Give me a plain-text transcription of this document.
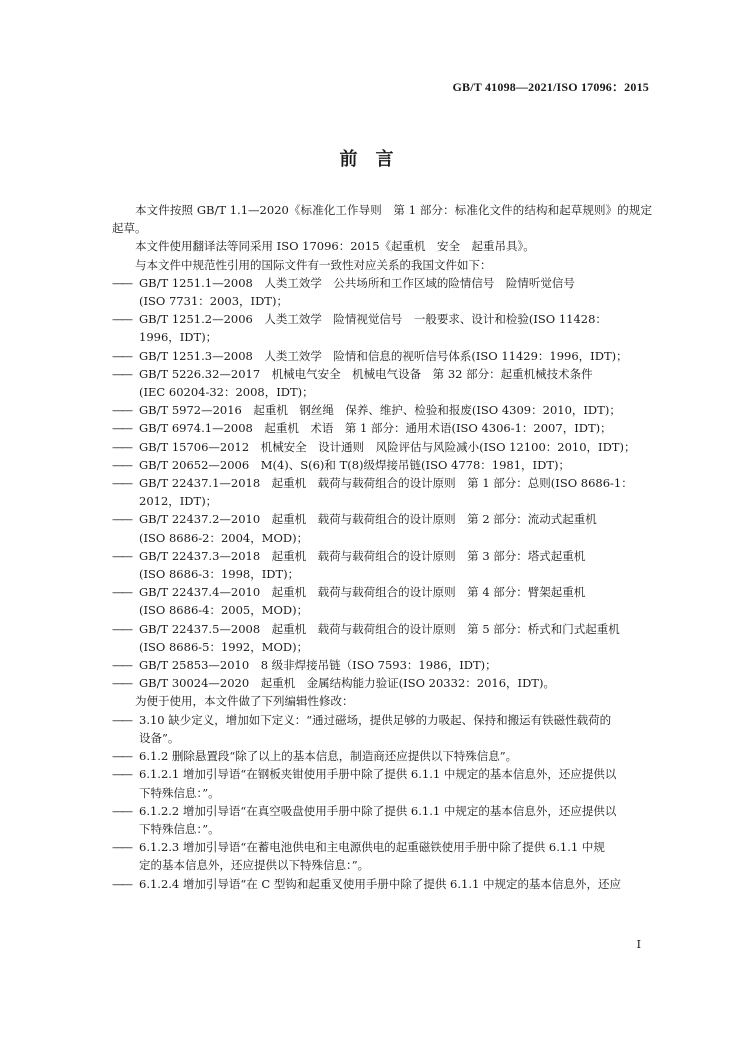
GB/T 41098—2021/ISO 17096：2015
前　言

本文件按照 GB/T 1.1—2020《标准化工作导则　第 1 部分：标准化文件的结构和起草规则》的规定起草。

本文件使用翻译法等同采用 ISO 17096：2015《起重机　安全　起重吊具》。

与本文件中规范性引用的国际文件有一致性对应关系的我国文件如下：

—— GB/T 1251.1—2008　人类工效学　公共场所和工作区域的险情信号　险情听觉信号
(ISO 7731：2003，IDT)；
—— GB/T 1251.2—2006　人类工效学　险情视觉信号　一般要求、设计和检验(ISO 11428：
1996，IDT)；
—— GB/T 1251.3—2008　人类工效学　险情和信息的视听信号体系(ISO 11429：1996，IDT)；
—— GB/T 5226.32—2017　机械电气安全　机械电气设备　第 32 部分：起重机械技术条件
(IEC 60204-32：2008，IDT)；
—— GB/T 5972—2016　起重机　钢丝绳　保养、维护、检验和报废(ISO 4309：2010，IDT)；
—— GB/T 6974.1—2008　起重机　术语　第 1 部分：通用术语(ISO 4306-1：2007，IDT)；
—— GB/T 15706—2012　机械安全　设计通则　风险评估与风险减小(ISO 12100：2010，IDT)；
—— GB/T 20652—2006　M(4)、S(6)和 T(8)级焊接吊链(ISO 4778：1981，IDT)；
—— GB/T 22437.1—2018　起重机　载荷与载荷组合的设计原则　第 1 部分：总则(ISO 8686-1：
2012，IDT)；
—— GB/T 22437.2—2010　起重机　载荷与载荷组合的设计原则　第 2 部分：流动式起重机
(ISO 8686-2：2004，MOD)；
—— GB/T 22437.3—2018　起重机　载荷与载荷组合的设计原则　第 3 部分：塔式起重机
(ISO 8686-3：1998，IDT)；
—— GB/T 22437.4—2010　起重机　载荷与载荷组合的设计原则　第 4 部分：臂架起重机
(ISO 8686-4：2005，MOD)；
—— GB/T 22437.5—2008　起重机　载荷与载荷组合的设计原则　第 5 部分：桥式和门式起重机
(ISO 8686-5：1992，MOD)；
—— GB/T 25853—2010　8 级非焊接吊链（ISO 7593：1986，IDT)；
—— GB/T 30024—2020　起重机　金属结构能力验证(ISO 20332：2016，IDT)。

为便于使用，本文件做了下列编辑性修改：

—— 3.10 缺少定义，增加如下定义：“通过磁场，提供足够的力吸起、保持和搬运有铁磁性载荷的
设备”。
—— 6.1.2 删除悬置段“除了以上的基本信息，制造商还应提供以下特殊信息”。
—— 6.1.2.1 增加引导语“在钢板夹钳使用手册中除了提供 6.1.1 中规定的基本信息外，还应提供以
下特殊信息：”。
—— 6.1.2.2 增加引导语“在真空吸盘使用手册中除了提供 6.1.1 中规定的基本信息外，还应提供以
下特殊信息：”。
—— 6.1.2.3 增加引导语“在蓄电池供电和主电源供电的起重磁铁使用手册中除了提供 6.1.1 中规
定的基本信息外，还应提供以下特殊信息：”。
—— 6.1.2.4 增加引导语“在 C 型钩和起重叉使用手册中除了提供 6.1.1 中规定的基本信息外，还应
I
